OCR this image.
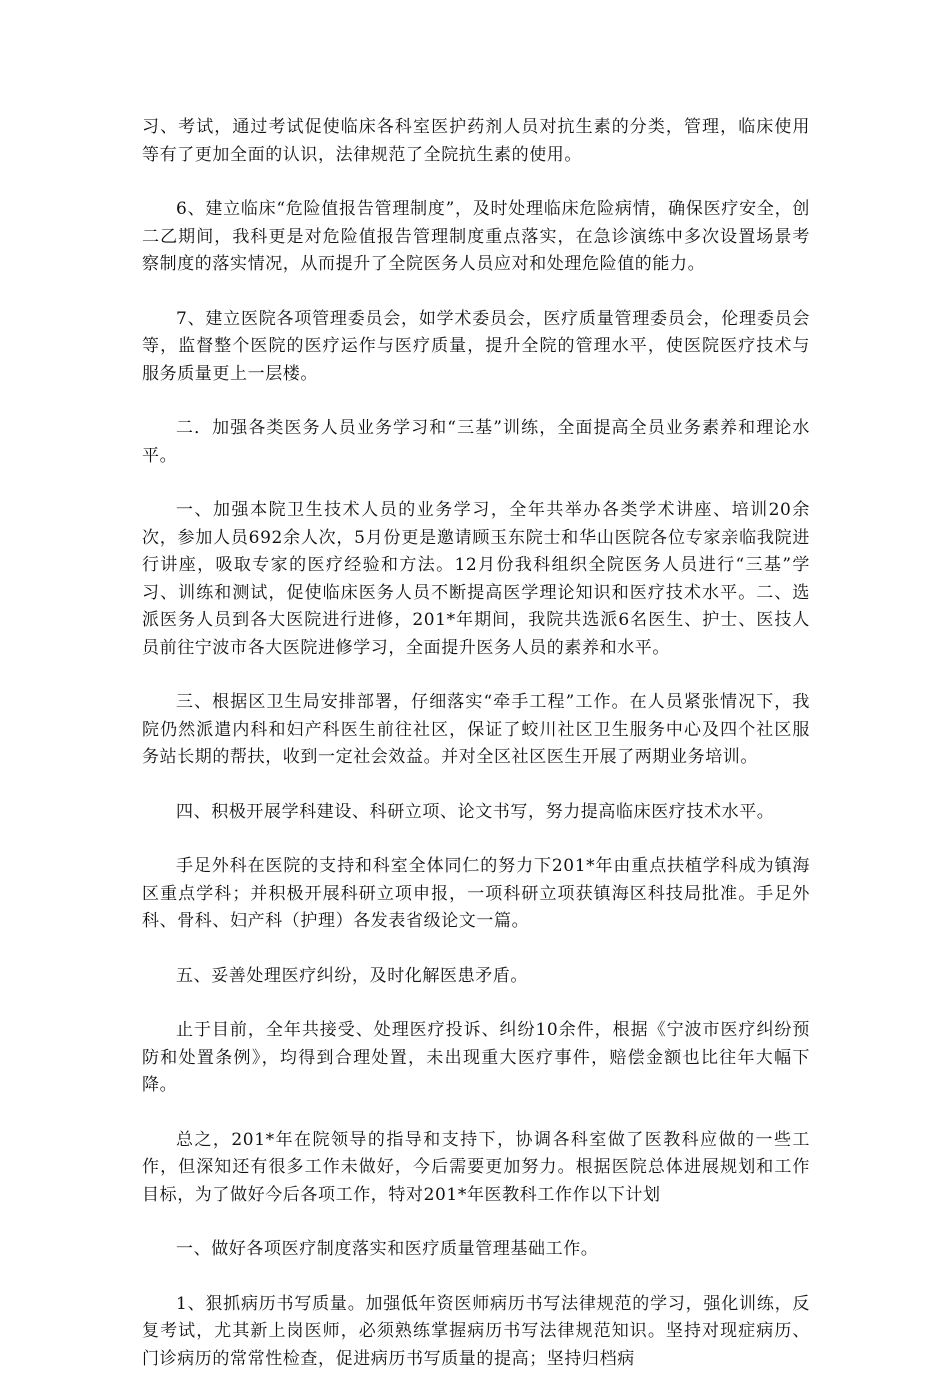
习、考试，通过考试促使临床各科室医护药剂人员对抗生素的分类，管理，临床使用等有了更加全面的认识，法律规范了全院抗生素的使用。

6、建立临床“危险值报告管理制度”，及时处理临床危险病情，确保医疗安全，创二乙期间，我科更是对危险值报告管理制度重点落实，在急诊演练中多次设置场景考察制度的落实情况，从而提升了全院医务人员应对和处理危险值的能力。

7、建立医院各项管理委员会，如学术委员会，医疗质量管理委员会，伦理委员会等，监督整个医院的医疗运作与医疗质量，提升全院的管理水平，使医院医疗技术与服务质量更上一层楼。

二．加强各类医务人员业务学习和“三基”训练，全面提高全员业务素养和理论水平。

一、加强本院卫生技术人员的业务学习，全年共举办各类学术讲座、培训20余次，参加人员692余人次，5月份更是邀请顾玉东院士和华山医院各位专家亲临我院进行讲座，吸取专家的医疗经验和方法。12月份我科组织全院医务人员进行“三基”学习、训练和测试，促使临床医务人员不断提高医学理论知识和医疗技术水平。二、选派医务人员到各大医院进行进修，201*年期间，我院共选派6名医生、护士、医技人员前往宁波市各大医院进修学习，全面提升医务人员的素养和水平。

三、根据区卫生局安排部署，仔细落实“牵手工程”工作。在人员紧张情况下，我院仍然派遣内科和妇产科医生前往社区，保证了蛟川社区卫生服务中心及四个社区服务站长期的帮扶，收到一定社会效益。并对全区社区医生开展了两期业务培训。

四、积极开展学科建设、科研立项、论文书写，努力提高临床医疗技术水平。

手足外科在医院的支持和科室全体同仁的努力下201*年由重点扶植学科成为镇海区重点学科；并积极开展科研立项申报，一项科研立项获镇海区科技局批准。手足外科、骨科、妇产科（护理）各发表省级论文一篇。

五、妥善处理医疗纠纷，及时化解医患矛盾。

止于目前，全年共接受、处理医疗投诉、纠纷10余件，根据《宁波市医疗纠纷预防和处置条例》，均得到合理处置，未出现重大医疗事件，赔偿金额也比往年大幅下降。

总之，201*年在院领导的指导和支持下，协调各科室做了医教科应做的一些工作，但深知还有很多工作未做好，今后需要更加努力。根据医院总体进展规划和工作目标，为了做好今后各项工作，特对201*年医教科工作作以下计划

一、做好各项医疗制度落实和医疗质量管理基础工作。

1、狠抓病历书写质量。加强低年资医师病历书写法律规范的学习，强化训练，反复考试，尤其新上岗医师，必须熟练掌握病历书写法律规范知识。坚持对现症病历、门诊病历的常常性检查，促进病历书写质量的提高；坚持归档病
